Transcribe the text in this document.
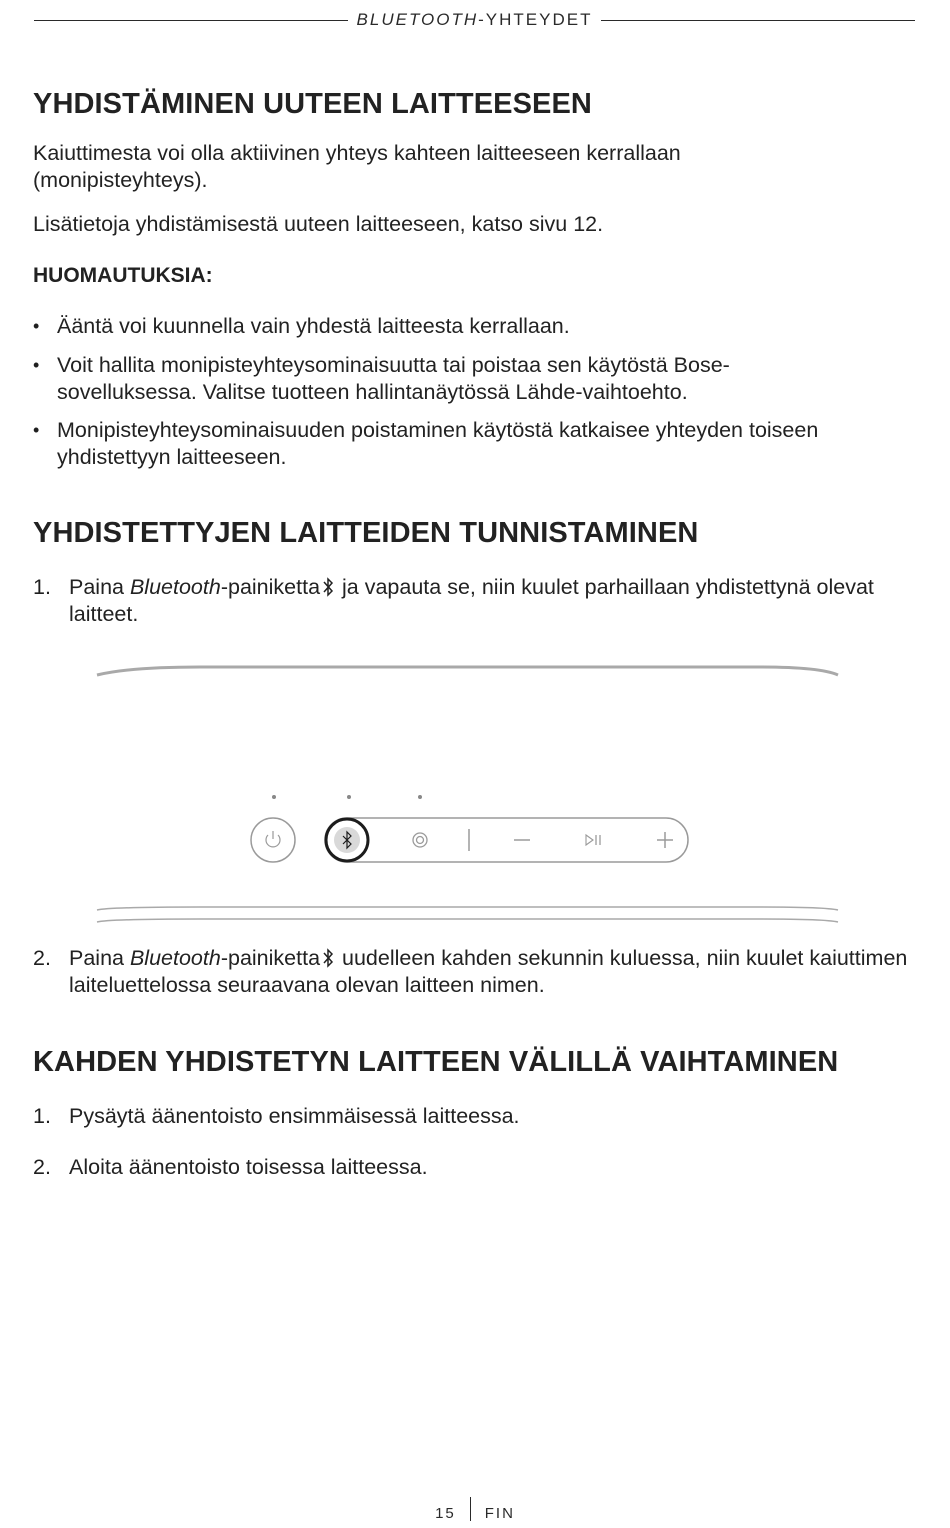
BLUETOOTH-YHTEYDET
YHDISTÄMINEN UUTEEN LAITTEESEEN

Kaiuttimesta voi olla aktiivinen yhteys kahteen laitteeseen kerrallaan (monipisteyhteys).

Lisätietoja yhdistämisestä uuteen laitteeseen, katso sivu 12.

HUOMAUTUKSIA:
• Ääntä voi kuunnella vain yhdestä laitteesta kerrallaan.

• Voit hallita monipisteyhteysominaisuutta tai poistaa sen käytöstä Bose-sovelluksessa. Valitse tuotteen hallintanäytössä Lähde-vaihtoehto.

• Monipisteyhteysominaisuuden poistaminen käytöstä katkaisee yhteyden toiseen yhdistettyyn laitteeseen.

YHDISTETTYJEN LAITTEIDEN TUNNISTAMINEN
1. Paina Bluetooth-painiketta ja vapauta se, niin kuulet parhaillaan yhdistettynä olevat laitteet.

2. Paina Bluetooth-painiketta uudelleen kahden sekunnin kuluessa, niin kuulet kaiuttimen laiteluettelossa seuraavana olevan laitteen nimen.

KAHDEN YHDISTETYN LAITTEEN VÄLILLÄ VAIHTAMINEN
1. Pysäytä äänentoisto ensimmäisessä laitteessa.

2. Aloita äänentoisto toisessa laitteessa.

15 FIN
